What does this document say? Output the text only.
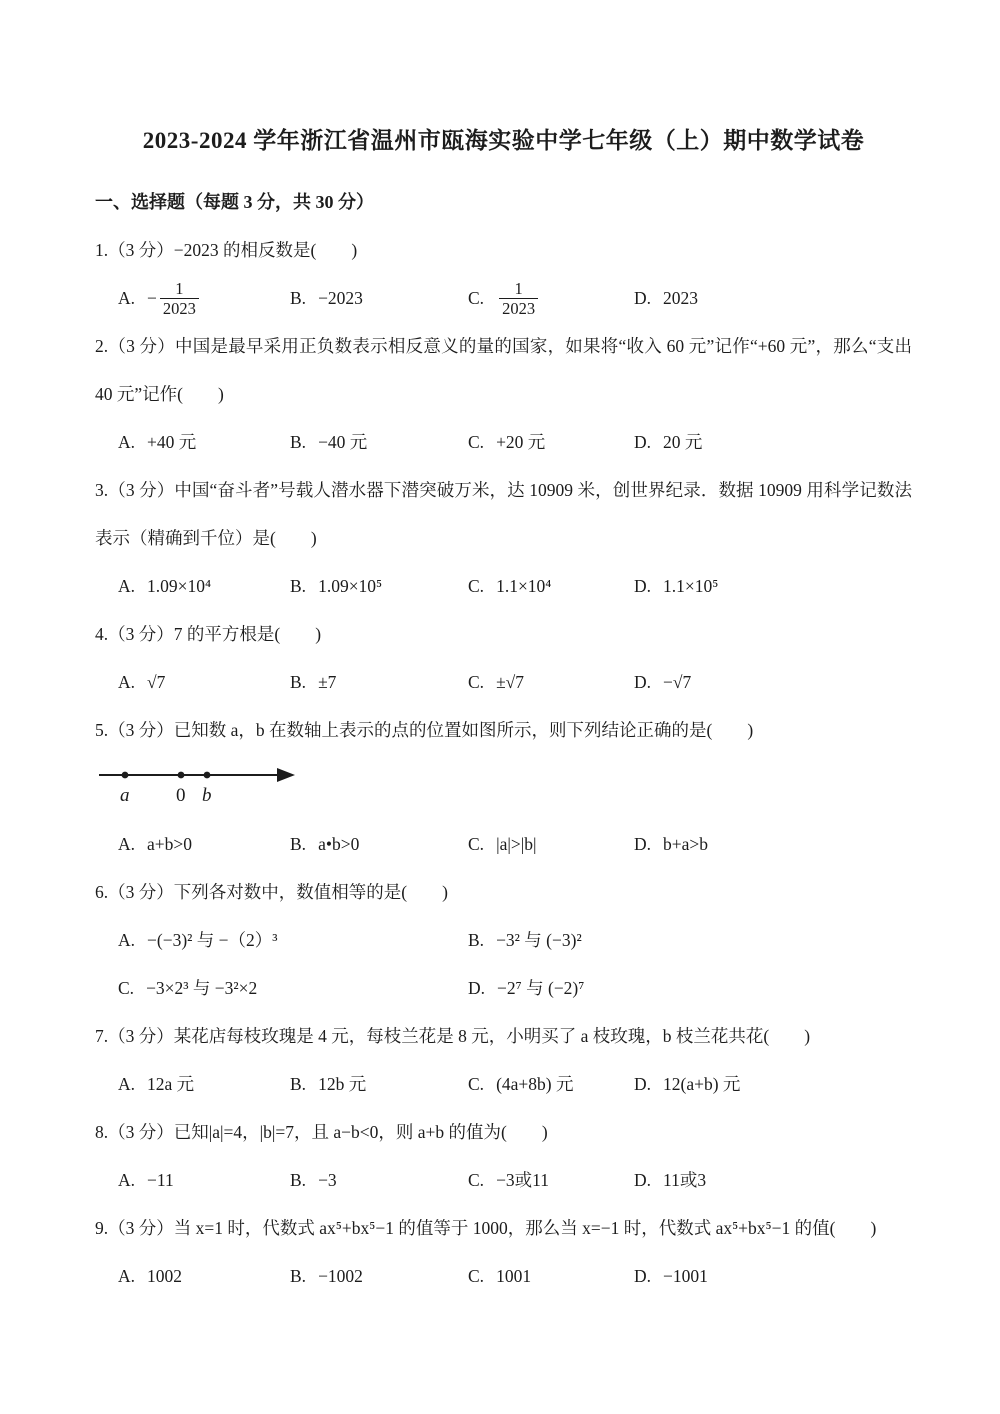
2023-2024 学年浙江省温州市瓯海实验中学七年级（上）期中数学试卷
一、选择题（每题 3 分，共 30 分）
1.（3 分）−2023 的相反数是(　　)
A. − $\frac{1}{2023}$	B. −2023	C. $\frac{1}{2023}$	D. 2023
2.（3 分）中国是最早采用正负数表示相反意义的量的国家，如果将“收入 60 元”记作“+60 元”，那么“支出 40 元”记作(　　)
A. +40 元	B. −40 元	C. +20 元	D. 20 元
3.（3 分）中国“奋斗者”号载人潜水器下潜突破万米，达 10909 米，创世界纪录．数据 10909 用科学记数法表示（精确到千位）是(　　)
A. 1.09×10⁴	B. 1.09×10⁵	C. 1.1×10⁴	D. 1.1×10⁵
4.（3 分）7 的平方根是(　　)
A. √7	B. ±7	C. ±√7	D. −√7
5.（3 分）已知数 a，b 在数轴上表示的点的位置如图所示，则下列结论正确的是(　　)
a 0 b
A. a+b>0	B. a•b>0	C. |a|>|b|	D. b+a>b
6.（3 分）下列各对数中，数值相等的是(　　)
A. −(−3)² 与 −（2）³	B. −3² 与 (−3)²
C. −3×2³ 与 −3²×2	D. −2⁷ 与 (−2)⁷
7.（3 分）某花店每枝玫瑰是 4 元，每枝兰花是 8 元，小明买了 a 枝玫瑰，b 枝兰花共花(　　)
A. 12a 元	B. 12b 元	C. (4a+8b) 元	D. 12(a+b) 元
8.（3 分）已知|a|=4，|b|=7，且 a−b<0，则 a+b 的值为(　　)
A. −11	B. −3	C. −3或11	D. 11或3
9.（3 分）当 x=1 时，代数式 ax⁵+bx⁵−1 的值等于 1000，那么当 x=−1 时，代数式 ax⁵+bx⁵−1 的值(　　)
A. 1002	B. −1002	C. 1001	D. −1001
